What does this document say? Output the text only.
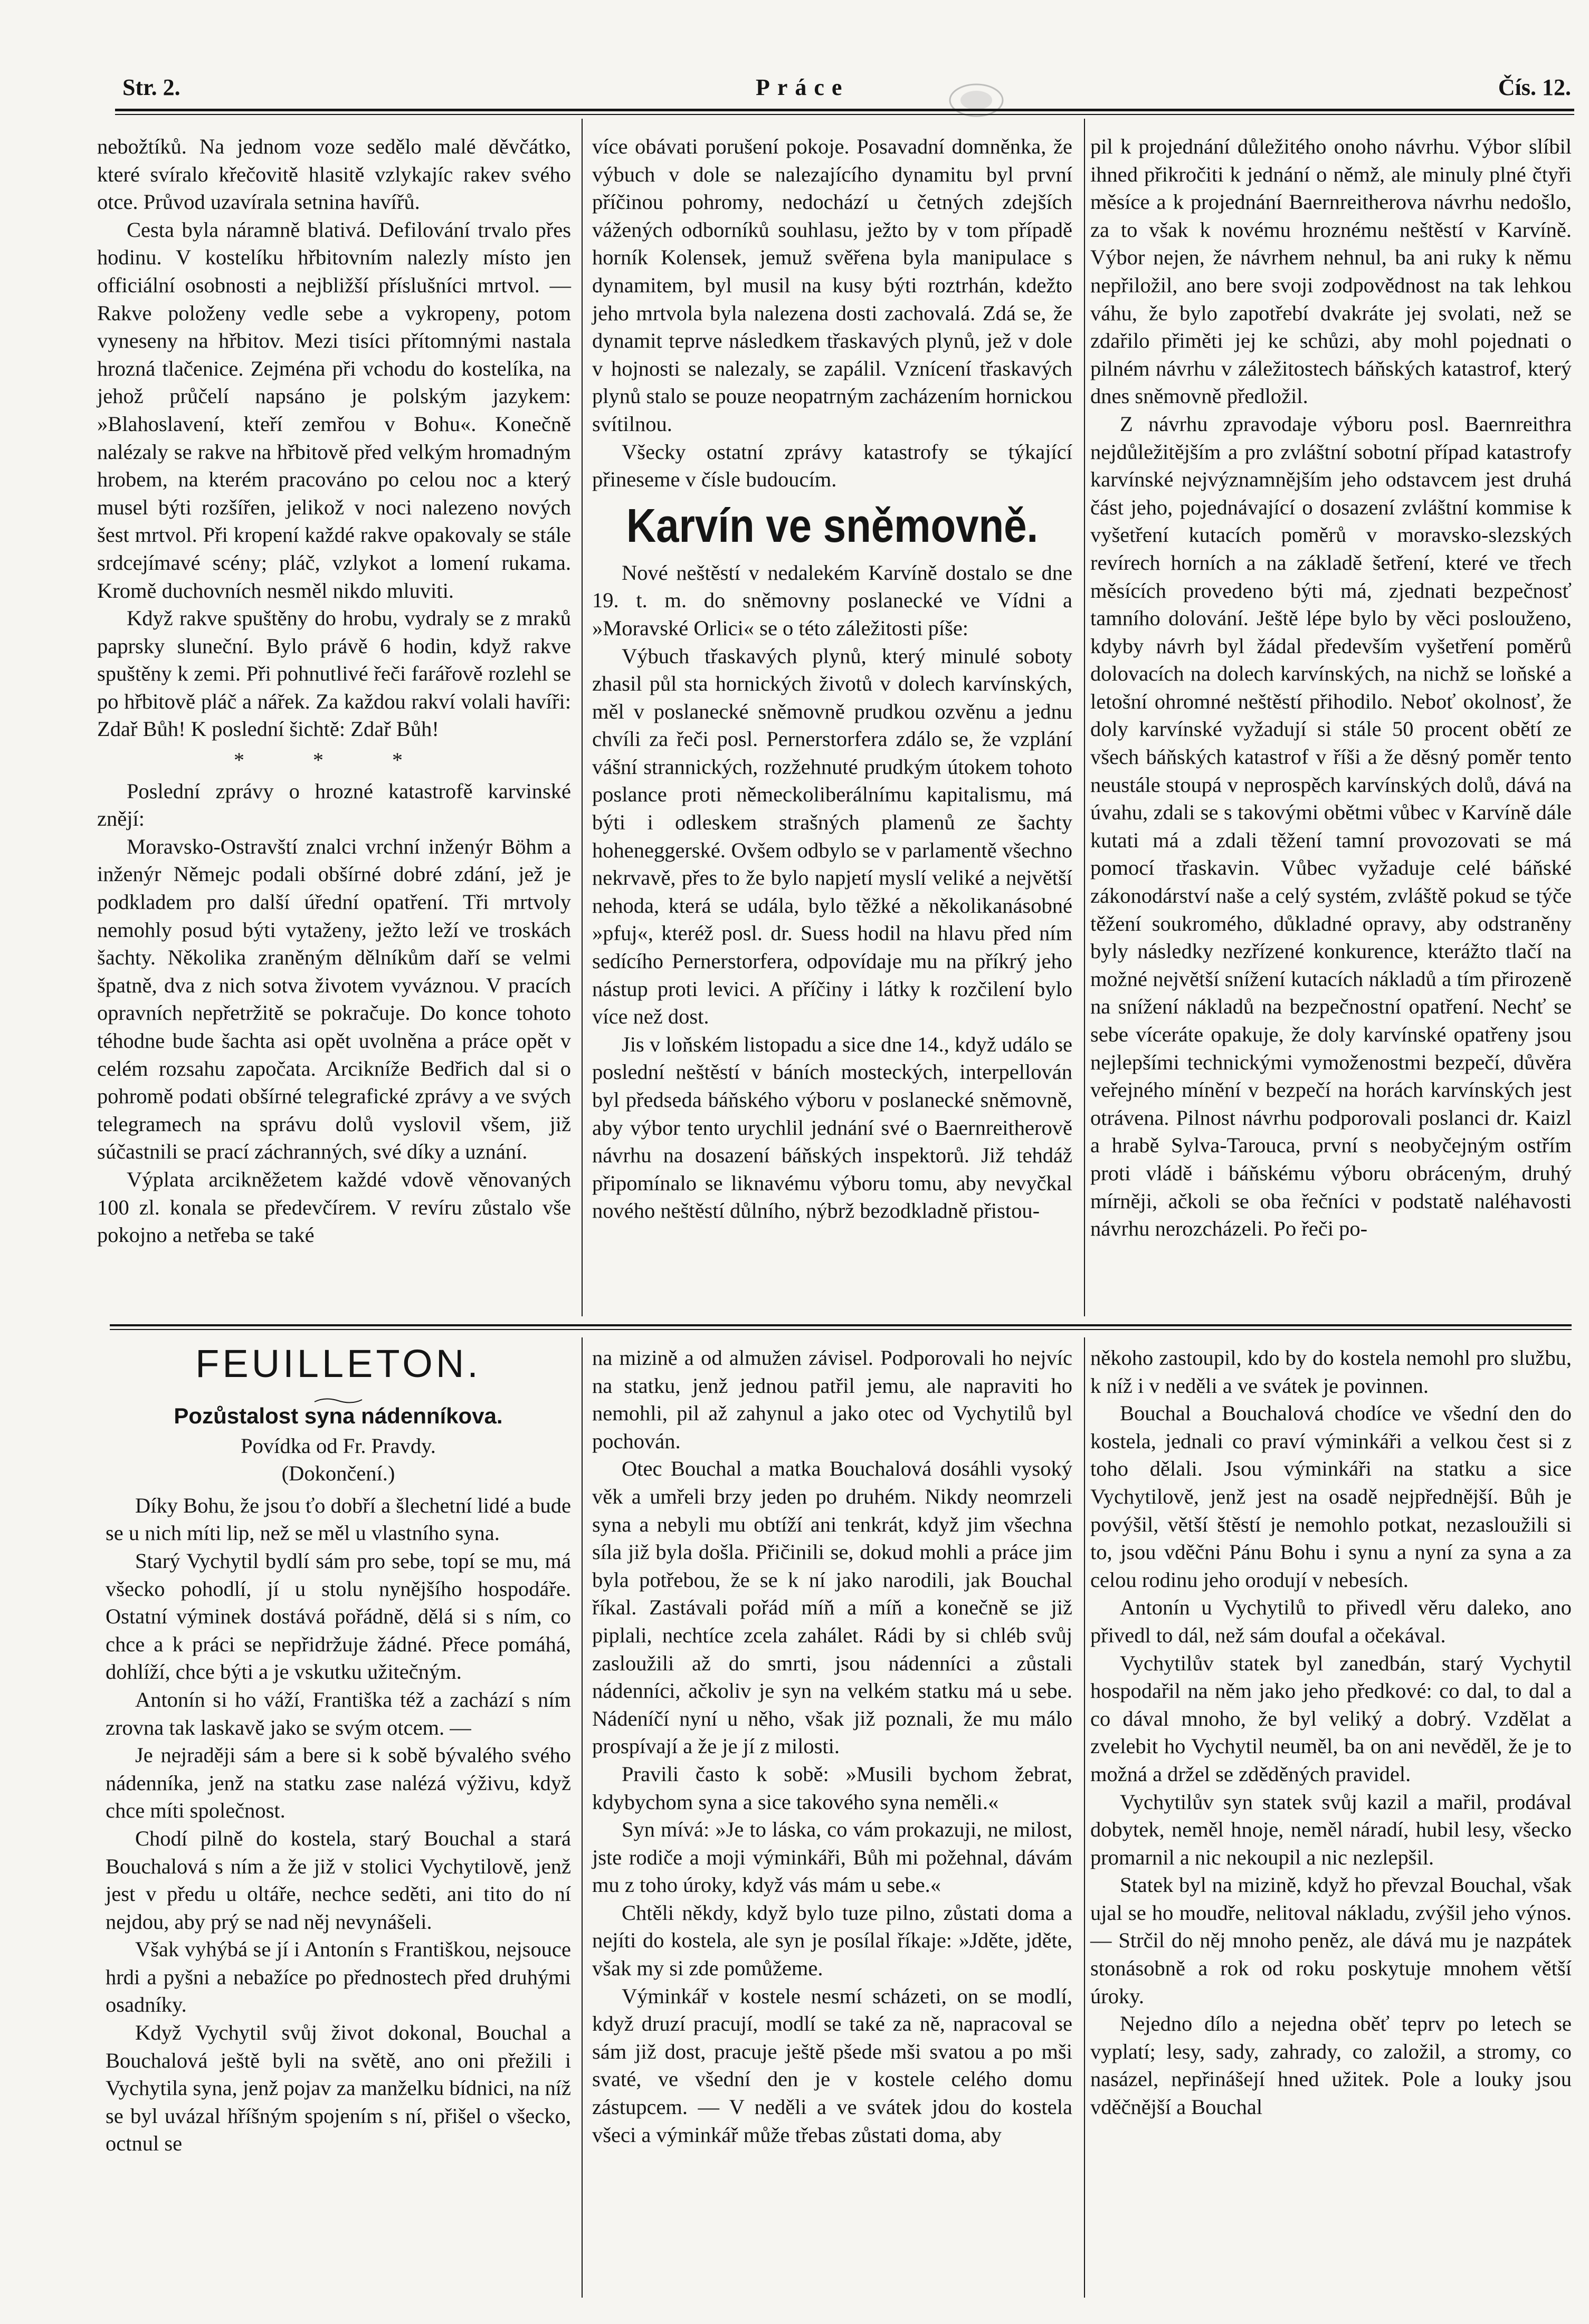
Str. 2.	Práce	Čís. 12.

nebožtíků. Na jednom voze sedělo malé děvčátko, které svíralo křečovitě hlasitě vzlykajíc rakev svého otce. Průvod uzavírala setnina havířů.

Cesta byla náramně blativá. Defilování trvalo přes hodinu. V kostelíku hřbitovním nalezly místo jen officiální osobnosti a nejbližší příslušníci mrtvol. — Rakve položeny vedle sebe a vykropeny, potom vyneseny na hřbitov. Mezi tisíci přítomnými nastala hrozná tlačenice. Zejména při vchodu do kostelíka, na jehož průčelí napsáno je polským jazykem: »Blahoslavení, kteří zemřou v Bohu«. Konečně nalézaly se rakve na hřbitově před velkým hromadným hrobem, na kterém pracováno po celou noc a který musel býti rozšířen, jelikož v noci nalezeno nových šest mrtvol. Při kropení každé rakve opakovaly se stále srdcejímavé scény; pláč, vzlykot a lomení rukama. Kromě duchovních nesměl nikdo mluviti.

Když rakve spuštěny do hrobu, vydraly se z mraků paprsky sluneční. Bylo právě 6 hodin, když rakve spuštěny k zemi. Při pohnutlivé řeči farářově rozlehl se po hřbitově pláč a nářek. Za každou rakví volali havíři: Zdař Bůh! K poslední šichtě: Zdař Bůh!

* * *

Poslední zprávy o hrozné katastrofě karvinské znějí:

Moravsko-Ostravští znalci vrchní inženýr Böhm a inženýr Němejc podali obšírné dobré zdání, jež je podkladem pro další úřední opatření. Tři mrtvoly nemohly posud býti vytaženy, ježto leží ve troskách šachty. Několika zraněným dělníkům daří se velmi špatně, dva z nich sotva životem vyváznou. V pracích opravních nepřetržitě se pokračuje. Do konce tohoto téhodne bude šachta asi opět uvolněna a práce opět v celém rozsahu započata. Arcikníže Bedřich dal si o pohromě podati obšírné telegrafické zprávy a ve svých telegramech na správu dolů vyslovil všem, již súčastnili se prací záchranných, své díky a uznání.

Výplata arcikněžetem každé vdově věnovaných 100 zl. konala se předevčírem. V revíru zůstalo vše pokojno a netřeba se také

více obávati porušení pokoje. Posavadní domněnka, že výbuch v dole se nalezajícího dynamitu byl první příčinou pohromy, nedochází u četných zdejších vážených odborníků souhlasu, ježto by v tom případě horník Kolensek, jemuž svěřena byla manipulace s dynamitem, byl musil na kusy býti roztrhán, kdežto jeho mrtvola byla nalezena dosti zachovalá. Zdá se, že dynamit teprve následkem třaskavých plynů, jež v dole v hojnosti se nalezaly, se zapálil. Vznícení třaskavých plynů stalo se pouze neopatrným zacházením hornickou svítilnou.

Všecky ostatní zprávy katastrofy se týkající přineseme v čísle budoucím.

Karvín ve sněmovně.

Nové neštěstí v nedalekém Karvíně dostalo se dne 19. t. m. do sněmovny poslanecké ve Vídni a »Moravské Orlici« se o této záležitosti píše:

Výbuch třaskavých plynů, který minulé soboty zhasil půl sta hornických životů v dolech karvínských, měl v poslanecké sněmovně prudkou ozvěnu a jednu chvíli za řeči posl. Pernerstorfera zdálo se, že vzplání vášní strannických, rozžehnuté prudkým útokem tohoto poslance proti německoliberálnímu kapitalismu, má býti i odleskem strašných plamenů ze šachty hoheneggerské. Ovšem odbylo se v parlamentě všechno nekrvavě, přes to že bylo napjetí myslí veliké a největší nehoda, která se udála, bylo těžké a několikanásobné »pfuj«, kteréž posl. dr. Suess hodil na hlavu před ním sedícího Pernerstorfera, odpovídaje mu na příkrý jeho nástup proti levici. A příčiny i látky k rozčilení bylo více než dost.

Jis v loňském listopadu a sice dne 14., když událo se poslední neštěstí v báních mosteckých, interpellován byl předseda báňského výboru v poslanecké sněmovně, aby výbor tento urychlil jednání své o Baernreitherově návrhu na dosazení báňských inspektorů. Již tehdáž připomínalo se liknavému výboru tomu, aby nevyčkal nového neštěstí důlního, nýbrž bezodkladně přistou-

pil k projednání důležitého onoho návrhu. Výbor slíbil ihned přikročiti k jednání o němž, ale minuly plné čtyři měsíce a k projednání Baernreitherova návrhu nedošlo, za to však k novému hroznému neštěstí v Karvíně. Výbor nejen, že návrhem nehnul, ba ani ruky k němu nepřiložil, ano bere svoji zodpovědnost na tak lehkou váhu, že bylo zapotřebí dvakráte jej svolati, než se zdařilo přiměti jej ke schůzi, aby mohl pojednati o pilném návrhu v záležitostech báňských katastrof, který dnes sněmovně předložil.

Z návrhu zpravodaje výboru posl. Baernreithra nejdůležitějším a pro zvláštní sobotní případ katastrofy karvínské nejvýznamnějším jeho odstavcem jest druhá část jeho, pojednávající o dosazení zvláštní kommise k vyšetření kutacích poměrů v moravsko-slezských revírech horních a na základě šetření, které ve třech měsících provedeno býti má, zjednati bezpečnosť tamního dolování. Ještě lépe bylo by věci poslouženo, kdyby návrh byl žádal především vyšetření poměrů dolovacích na dolech karvínských, na nichž se loňské a letošní ohromné neštěstí přihodilo. Neboť okolnosť, že doly karvínské vyžadují si stále 50 procent obětí ze všech báňských katastrof v říši a že děsný poměr tento neustále stoupá v neprospěch karvínských dolů, dává na úvahu, zdali se s takovými obětmi vůbec v Karvíně dále kutati má a zdali těžení tamní provozovati se má pomocí třaskavin. Vůbec vyžaduje celé báňské zákonodárství naše a celý systém, zvláště pokud se týče těžení soukromého, důkladné opravy, aby odstraněny byly následky nezřízené konkurence, kterážto tlačí na možné největší snížení kutacích nákladů a tím přirozeně na snížení nákladů na bezpečnostní opatření. Nechť se sebe víceráte opakuje, že doly karvínské opatřeny jsou nejlepšími technickými vymoženostmi bezpečí, důvěra veřejného mínění v bezpečí na horách karvínských jest otrávena. Pilnost návrhu podporovali poslanci dr. Kaizl a hrabě Sylva-Tarouca, první s neobyčejným ostřím proti vládě i báňskému výboru obráceným, druhý mírněji, ačkoli se oba řečníci v podstatě naléhavosti návrhu nerozcházeli. Po řeči po-

FEUILLETON.
Pozůstalost syna nádenníkova.
Povídka od Fr. Pravdy.
(Dokončení.)

Díky Bohu, že jsou ťo dobří a šlechetní lidé a bude se u nich míti lip, než se měl u vlastního syna.

Starý Vychytil bydlí sám pro sebe, topí se mu, má všecko pohodlí, jí u stolu nynějšího hospodáře. Ostatní výminek dostává pořádně, dělá si s ním, co chce a k práci se nepřidržuje žádné. Přece pomáhá, dohlíží, chce býti a je vskutku užitečným.

Antonín si ho váží, Františka též a zachází s ním zrovna tak laskavě jako se svým otcem. —

Je nejraději sám a bere si k sobě bývalého svého nádenníka, jenž na statku zase nalézá výživu, když chce míti společnost.

Chodí pilně do kostela, starý Bouchal a stará Bouchalová s ním a že již v stolici Vychytilově, jenž jest v předu u oltáře, nechce seděti, ani tito do ní nejdou, aby prý se nad něj nevynášeli.

Však vyhýbá se jí i Antonín s Františkou, nejsouce hrdi a pyšni a nebažíce po přednostech před druhými osadníky.

Když Vychytil svůj život dokonal, Bouchal a Bouchalová ještě byli na světě, ano oni přežili i Vychytila syna, jenž pojav za manželku bídnici, na níž se byl uvázal hříšným spojením s ní, přišel o všecko, octnul se

na mizině a od almužen závisel. Podporovali ho nejvíc na statku, jenž jednou patřil jemu, ale napraviti ho nemohli, pil až zahynul a jako otec od Vychytilů byl pochován.

Otec Bouchal a matka Bouchalová dosáhli vysoký věk a umřeli brzy jeden po druhém. Nikdy neomrzeli syna a nebyli mu obtíží ani tenkrát, když jim všechna síla již byla došla. Přičinili se, dokud mohli a práce jim byla potřebou, že se k ní jako narodili, jak Bouchal říkal. Zastávali pořád míň a míň a konečně se již piplali, nechtíce zcela zahálet. Rádi by si chléb svůj zasloužili až do smrti, jsou nádenníci a zůstali nádenníci, ačkoliv je syn na velkém statku má u sebe. Nádeníčí nyní u něho, však již poznali, že mu málo prospívají a že je jí z milosti.

Pravili často k sobě: »Musili bychom žebrat, kdybychom syna a sice takového syna neměli.«

Syn mívá: »Je to láska, co vám prokazuji, ne milost, jste rodiče a moji výminkáři, Bůh mi požehnal, dávám mu z toho úroky, když vás mám u sebe.«

Chtěli někdy, když bylo tuze pilno, zůstati doma a nejíti do kostela, ale syn je posílal říkaje: »Jděte, jděte, však my si zde pomůžeme.

Výminkář v kostele nesmí scházeti, on se modlí, když druzí pracují, modlí se také za ně, napracoval se sám již dost, pracuje ještě pšede mši svatou a po mši svaté, ve všední den je v kostele celého domu zástupcem. — V neděli a ve svátek jdou do kostela všeci a výminkář může třebas zůstati doma, aby

někoho zastoupil, kdo by do kostela nemohl pro službu, k níž i v neděli a ve svátek je povinnen.

Bouchal a Bouchalová chodíce ve všední den do kostela, jednali co praví výminkáři a velkou čest si z toho dělali. Jsou výminkáři na statku a sice Vychytilově, jenž jest na osadě nejpřednější. Bůh je povýšil, větší štěstí je nemohlo potkat, nezasloužili si to, jsou vděčni Pánu Bohu i synu a nyní za syna a za celou rodinu jeho orodují v nebesích.

Antonín u Vychytilů to přivedl věru daleko, ano přivedl to dál, než sám doufal a očekával.

Vychytilův statek byl zanedbán, starý Vychytil hospodařil na něm jako jeho předkové: co dal, to dal a co dával mnoho, že byl veliký a dobrý. Vzdělat a zvelebit ho Vychytil neuměl, ba on ani nevěděl, že je to možná a držel se zděděných pravidel.

Vychytilův syn statek svůj kazil a mařil, prodával dobytek, neměl hnoje, neměl náradí, hubil lesy, všecko promarnil a nic nekoupil a nic nezlepšil.

Statek byl na mizině, když ho převzal Bouchal, však ujal se ho moudře, nelitoval nákladu, zvýšil jeho výnos. — Strčil do něj mnoho peněz, ale dává mu je nazpátek stonásobně a rok od roku poskytuje mnohem větší úroky.

Nejedno dílo a nejedna oběť teprv po letech se vyplatí; lesy, sady, zahrady, co založil, a stromy, co nasázel, nepřinášejí hned užitek. Pole a louky jsou vděčnější a Bouchal
